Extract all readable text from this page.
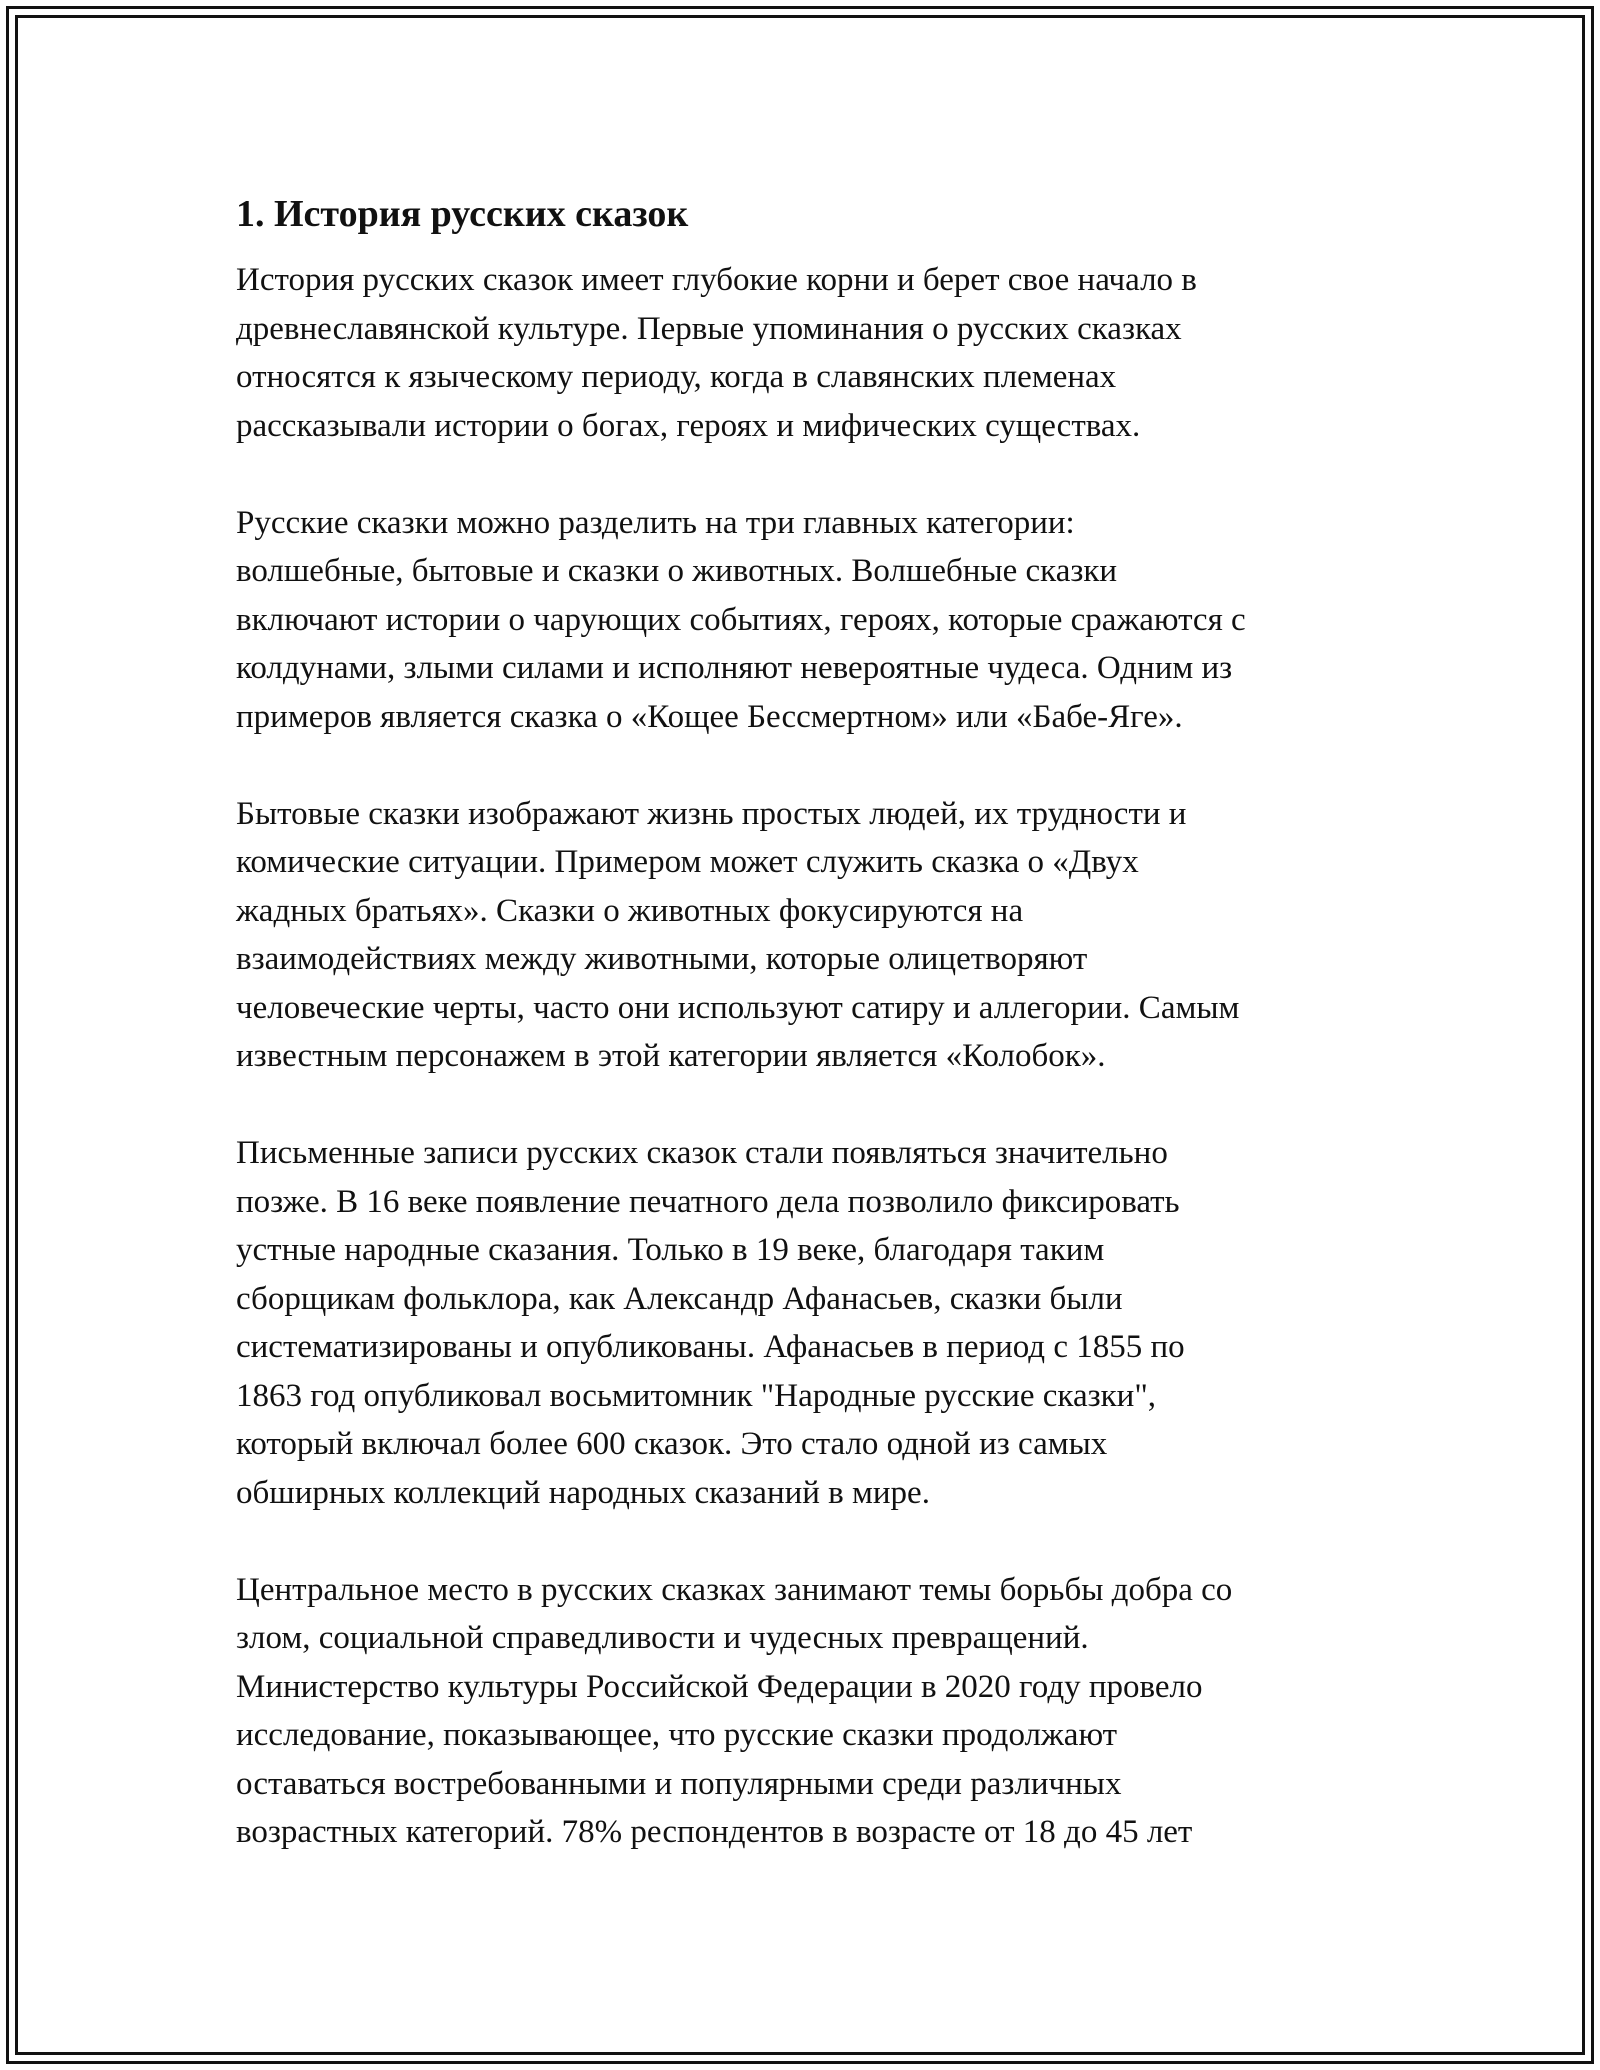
1. История русских сказок

История русских сказок имеет глубокие корни и берет свое начало в
древнеславянской культуре. Первые упоминания о русских сказках
относятся к языческому периоду, когда в славянских племенах
рассказывали истории о богах, героях и мифических существах.

Русские сказки можно разделить на три главных категории:
волшебные, бытовые и сказки о животных. Волшебные сказки
включают истории о чарующих событиях, героях, которые сражаются с
колдунами, злыми силами и исполняют невероятные чудеса. Одним из
примеров является сказка о «Кощее Бессмертном» или «Бабе-Яге».

Бытовые сказки изображают жизнь простых людей, их трудности и
комические ситуации. Примером может служить сказка о «Двух
жадных братьях». Сказки о животных фокусируются на
взаимодействиях между животными, которые олицетворяют
человеческие черты, часто они используют сатиру и аллегории. Самым
известным персонажем в этой категории является «Колобок».

Письменные записи русских сказок стали появляться значительно
позже. В 16 веке появление печатного дела позволило фиксировать
устные народные сказания. Только в 19 веке, благодаря таким
сборщикам фольклора, как Александр Афанасьев, сказки были
систематизированы и опубликованы. Афанасьев в период с 1855 по
1863 год опубликовал восьмитомник "Народные русские сказки",
который включал более 600 сказок. Это стало одной из самых
обширных коллекций народных сказаний в мире.

Центральное место в русских сказках занимают темы борьбы добра со
злом, социальной справедливости и чудесных превращений.
Министерство культуры Российской Федерации в 2020 году провело
исследование, показывающее, что русские сказки продолжают
оставаться востребованными и популярными среди различных
возрастных категорий. 78% респондентов в возрасте от 18 до 45 лет
